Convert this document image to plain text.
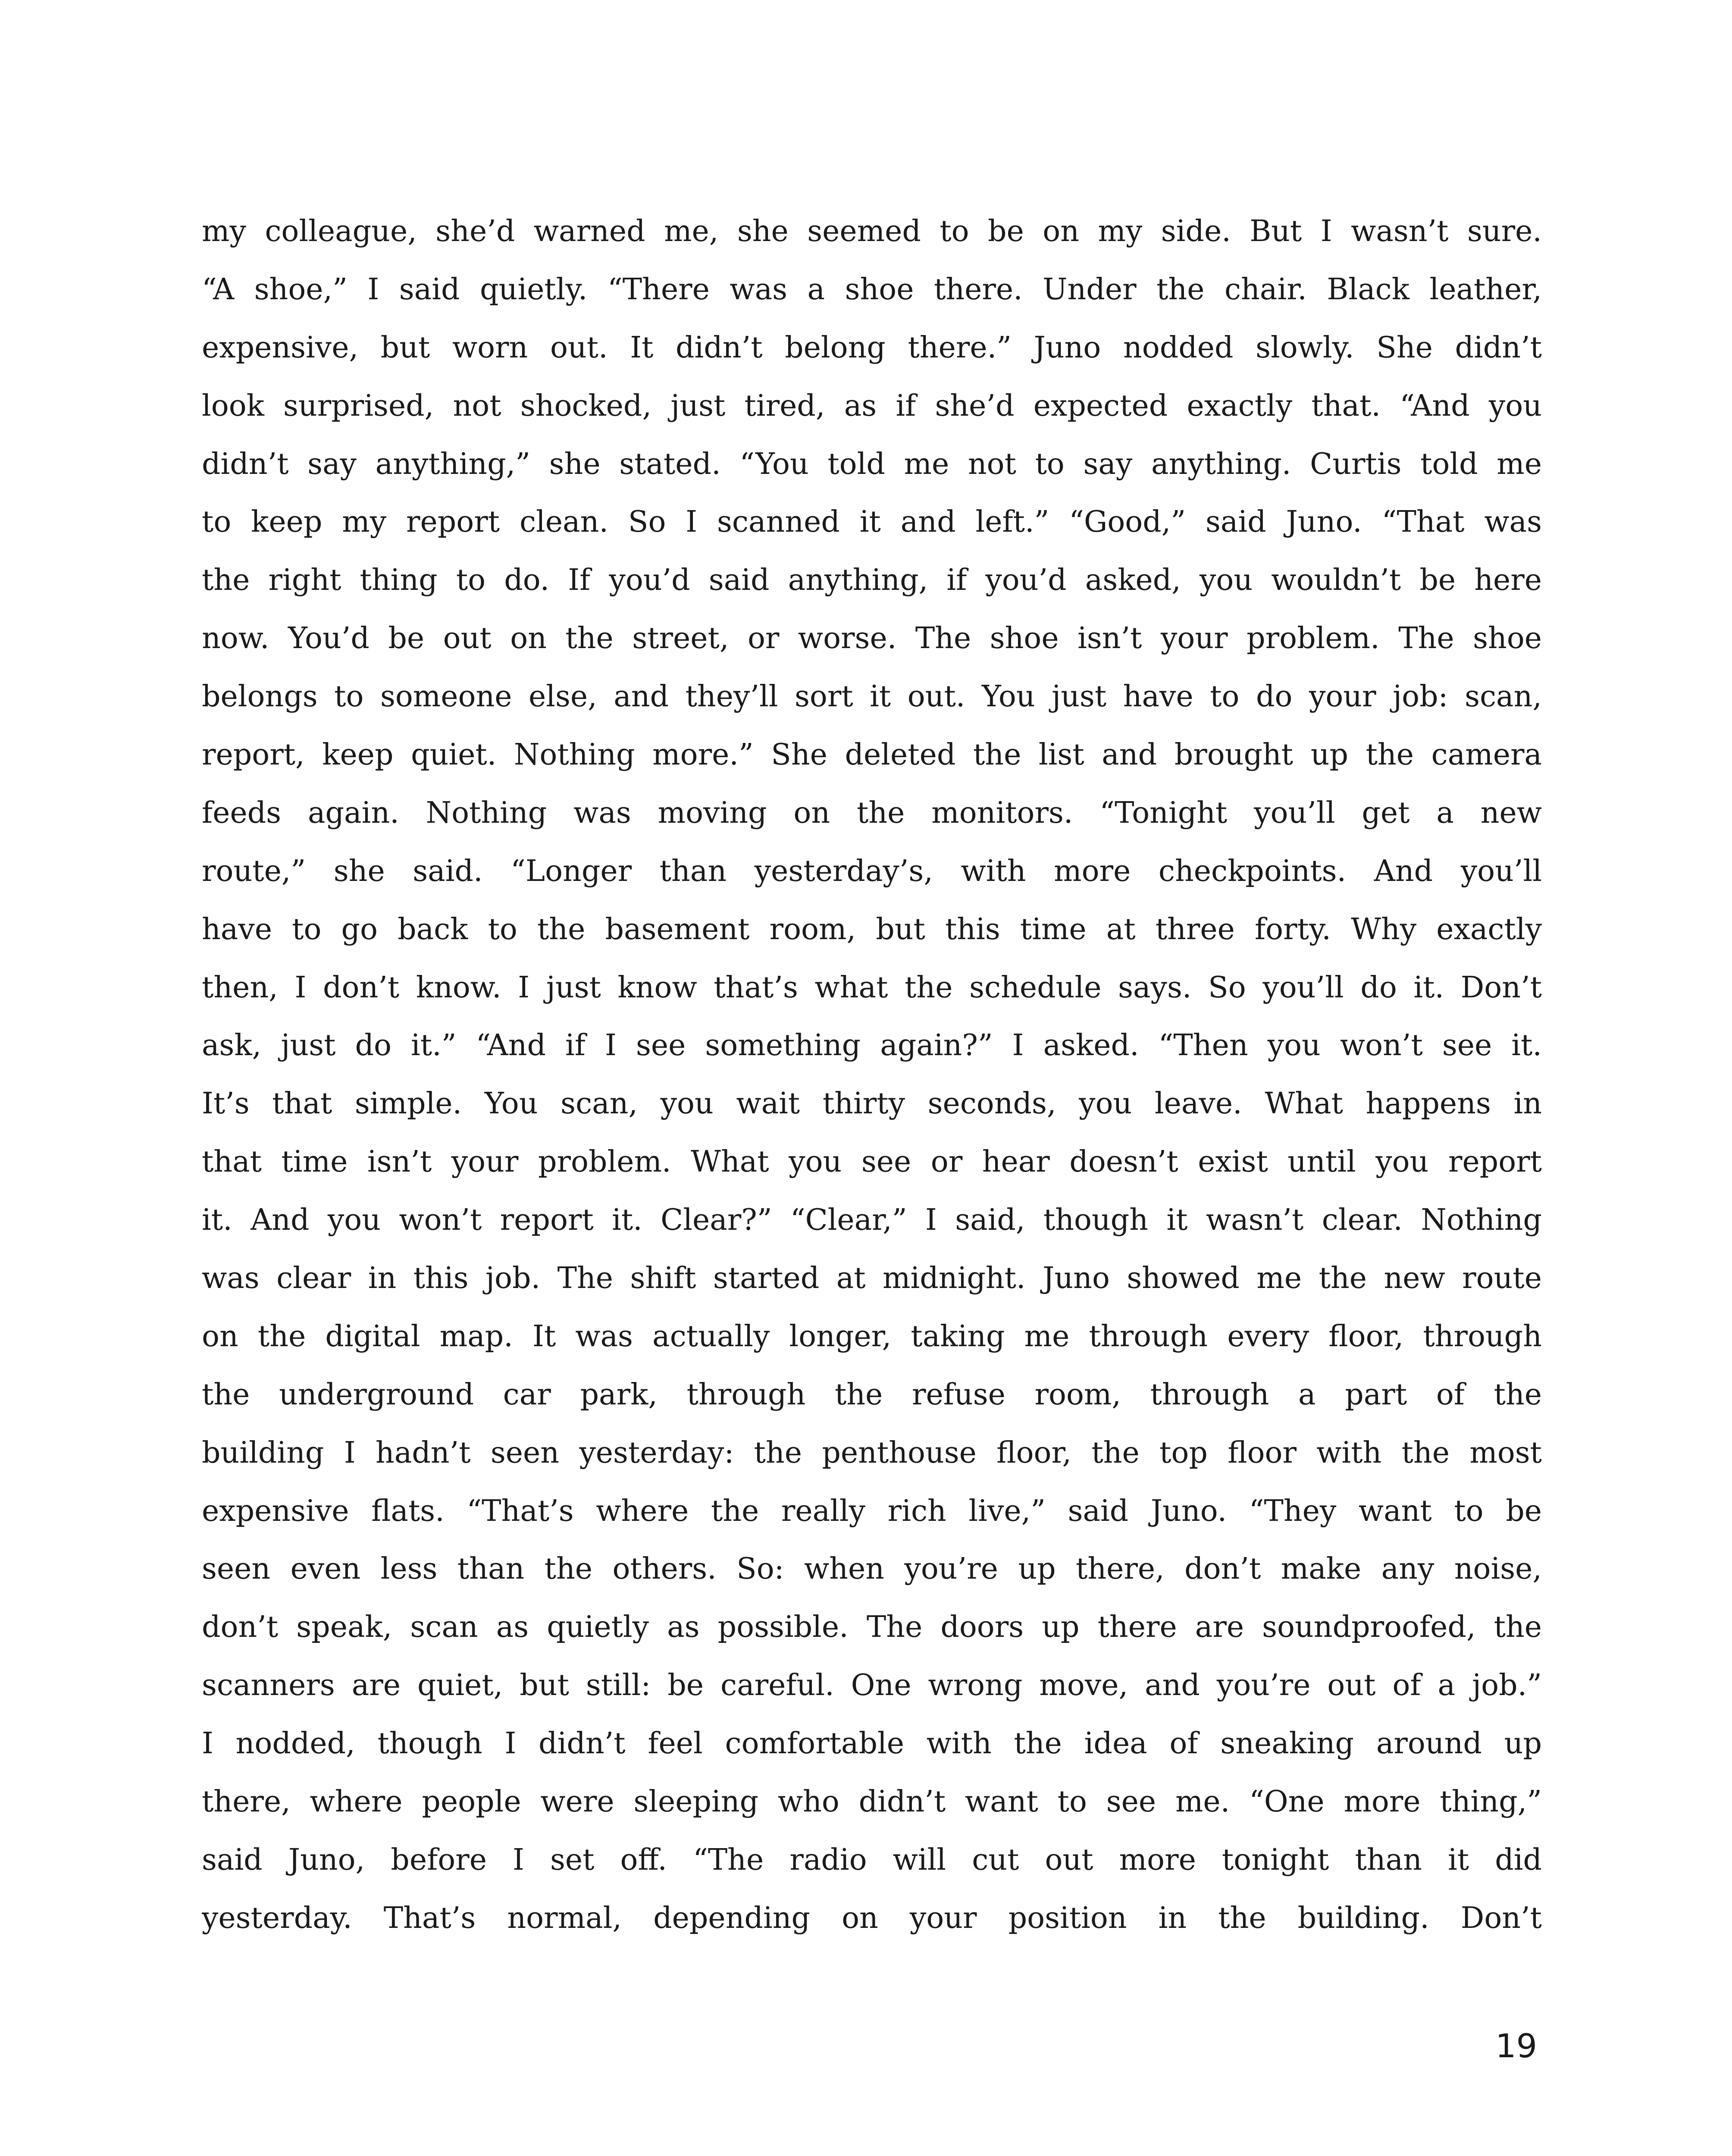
my colleague, she’d warned me, she seemed to be on my side. But I wasn’t sure.
“A shoe,” I said quietly. “There was a shoe there. Under the chair. Black leather,
expensive, but worn out. It didn’t belong there.” Juno nodded slowly. She didn’t
look surprised, not shocked, just tired, as if she’d expected exactly that. “And you
didn’t say anything,” she stated. “You told me not to say anything. Curtis told me
to keep my report clean. So I scanned it and left.” “Good,” said Juno. “That was
the right thing to do. If you’d said anything, if you’d asked, you wouldn’t be here
now. You’d be out on the street, or worse. The shoe isn’t your problem. The shoe
belongs to someone else, and they’ll sort it out. You just have to do your job: scan,
report, keep quiet. Nothing more.” She deleted the list and brought up the camera
feeds again. Nothing was moving on the monitors. “Tonight you’ll get a new
route,” she said. “Longer than yesterday’s, with more checkpoints. And you’ll
have to go back to the basement room, but this time at three forty. Why exactly
then, I don’t know. I just know that’s what the schedule says. So you’ll do it. Don’t
ask, just do it.” “And if I see something again?” I asked. “Then you won’t see it.
It’s that simple. You scan, you wait thirty seconds, you leave. What happens in
that time isn’t your problem. What you see or hear doesn’t exist until you report
it. And you won’t report it. Clear?” “Clear,” I said, though it wasn’t clear. Nothing
was clear in this job. The shift started at midnight. Juno showed me the new route
on the digital map. It was actually longer, taking me through every floor, through
the underground car park, through the refuse room, through a part of the
building I hadn’t seen yesterday: the penthouse floor, the top floor with the most
expensive flats. “That’s where the really rich live,” said Juno. “They want to be
seen even less than the others. So: when you’re up there, don’t make any noise,
don’t speak, scan as quietly as possible. The doors up there are soundproofed, the
scanners are quiet, but still: be careful. One wrong move, and you’re out of a job.”
I nodded, though I didn’t feel comfortable with the idea of sneaking around up
there, where people were sleeping who didn’t want to see me. “One more thing,”
said Juno, before I set off. “The radio will cut out more tonight than it did
yesterday. That’s normal, depending on your position in the building. Don’t
19
